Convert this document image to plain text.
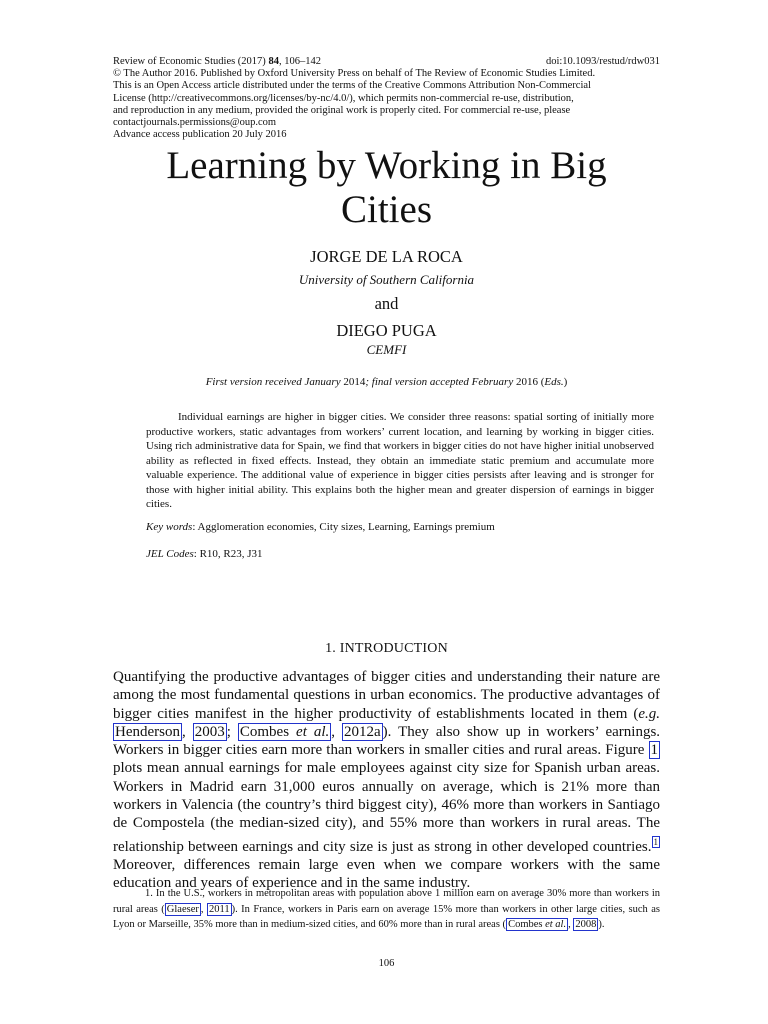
Review of Economic Studies (2017) 84, 106–142	doi:10.1093/restud/rdw031
© The Author 2016. Published by Oxford University Press on behalf of The Review of Economic Studies Limited.
This is an Open Access article distributed under the terms of the Creative Commons Attribution Non-Commercial
License (http://creativecommons.org/licenses/by-nc/4.0/), which permits non-commercial re-use, distribution,
and reproduction in any medium, provided the original work is properly cited. For commercial re-use, please
contactjournals.permissions@oup.com
Advance access publication 20 July 2016
Learning by Working in Big
Cities
JORGE DE LA ROCA
University of Southern California
and
DIEGO PUGA
CEMFI
First version received January 2014; final version accepted February 2016 (Eds.)
Individual earnings are higher in bigger cities. We consider three reasons: spatial sorting of initially more productive workers, static advantages from workers’ current location, and learning by working in bigger cities. Using rich administrative data for Spain, we find that workers in bigger cities do not have higher initial unobserved ability as reflected in fixed effects. Instead, they obtain an immediate static premium and accumulate more valuable experience. The additional value of experience in bigger cities persists after leaving and is stronger for those with higher initial ability. This explains both the higher mean and greater dispersion of earnings in bigger cities.
Key words: Agglomeration economies, City sizes, Learning, Earnings premium
JEL Codes: R10, R23, J31
1. INTRODUCTION
Quantifying the productive advantages of bigger cities and understanding their nature are among the most fundamental questions in urban economics. The productive advantages of bigger cities manifest in the higher productivity of establishments located in them (e.g. Henderson , 2003 ; Combes et al. , 2012a ). They also show up in workers’ earnings. Workers in bigger cities earn more than workers in smaller cities and rural areas. Figure 1 plots mean annual earnings for male employees against city size for Spanish urban areas. Workers in Madrid earn 31,000 euros annually on average, which is 21% more than workers in Valencia (the country’s third biggest city), 46% more than workers in Santiago de Compostela (the median-sized city), and 55% more than workers in rural areas. The relationship between earnings and city size is just as strong in other developed countries. $^1$ Moreover, differences remain large even when we compare workers with the same education and years of experience and in the same industry.
1. In the U.S., workers in metropolitan areas with population above 1 million earn on average 30% more than workers in rural areas ( Glaeser , 2011 ). In France, workers in Paris earn on average 15% more than workers in other large cities, such as Lyon or Marseille, 35% more than in medium-sized cities, and 60% more than in rural areas ( Combes et al. , 2008 ).
106
